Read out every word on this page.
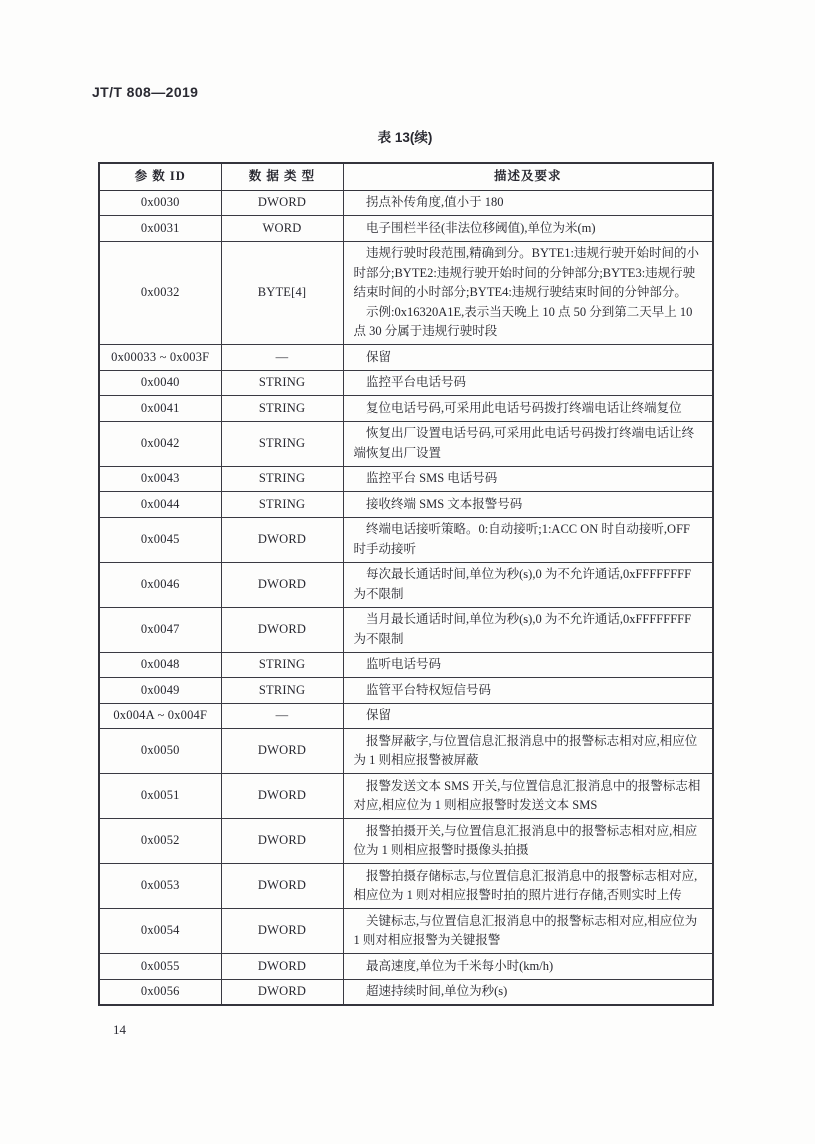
JT/T 808—2019
表 13(续)
参 数 ID	数 据 类 型	描述及要求
0x0030	DWORD	拐点补传角度,值小于 180

0x0031	WORD	电子围栏半径(非法位移阈值),单位为米(m)

0x0032	BYTE[4]	违规行驶时段范围,精确到分。BYTE1:违规行驶开始时间的小时部分;BYTE2:违规行驶开始时间的分钟部分;BYTE3:违规行驶结束时间的小时部分;BYTE4:违规行驶结束时间的分钟部分。
示例:0x16320A1E,表示当天晚上 10 点 50 分到第二天早上 10 点 30 分属于违规行驶时段

0x00033 ~ 0x003F	—	保留

0x0040	STRING	监控平台电话号码

0x0041	STRING	复位电话号码,可采用此电话号码拨打终端电话让终端复位

0x0042	STRING	恢复出厂设置电话号码,可采用此电话号码拨打终端电话让终端恢复出厂设置

0x0043	STRING	监控平台 SMS 电话号码

0x0044	STRING	接收终端 SMS 文本报警号码

0x0045	DWORD	终端电话接听策略。0:自动接听;1:ACC ON 时自动接听,OFF 时手动接听

0x0046	DWORD	每次最长通话时间,单位为秒(s),0 为不允许通话,0xFFFFFFFF 为不限制

0x0047	DWORD	当月最长通话时间,单位为秒(s),0 为不允许通话,0xFFFFFFFF 为不限制

0x0048	STRING	监听电话号码

0x0049	STRING	监管平台特权短信号码

0x004A ~ 0x004F	—	保留

0x0050	DWORD	报警屏蔽字,与位置信息汇报消息中的报警标志相对应,相应位为 1 则相应报警被屏蔽

0x0051	DWORD	报警发送文本 SMS 开关,与位置信息汇报消息中的报警标志相对应,相应位为 1 则相应报警时发送文本 SMS

0x0052	DWORD	报警拍摄开关,与位置信息汇报消息中的报警标志相对应,相应位为 1 则相应报警时摄像头拍摄

0x0053	DWORD	报警拍摄存储标志,与位置信息汇报消息中的报警标志相对应,相应位为 1 则对相应报警时拍的照片进行存储,否则实时上传

0x0054	DWORD	关键标志,与位置信息汇报消息中的报警标志相对应,相应位为 1 则对相应报警为关键报警

0x0055	DWORD	最高速度,单位为千米每小时(km/h)

0x0056	DWORD	超速持续时间,单位为秒(s)
14
